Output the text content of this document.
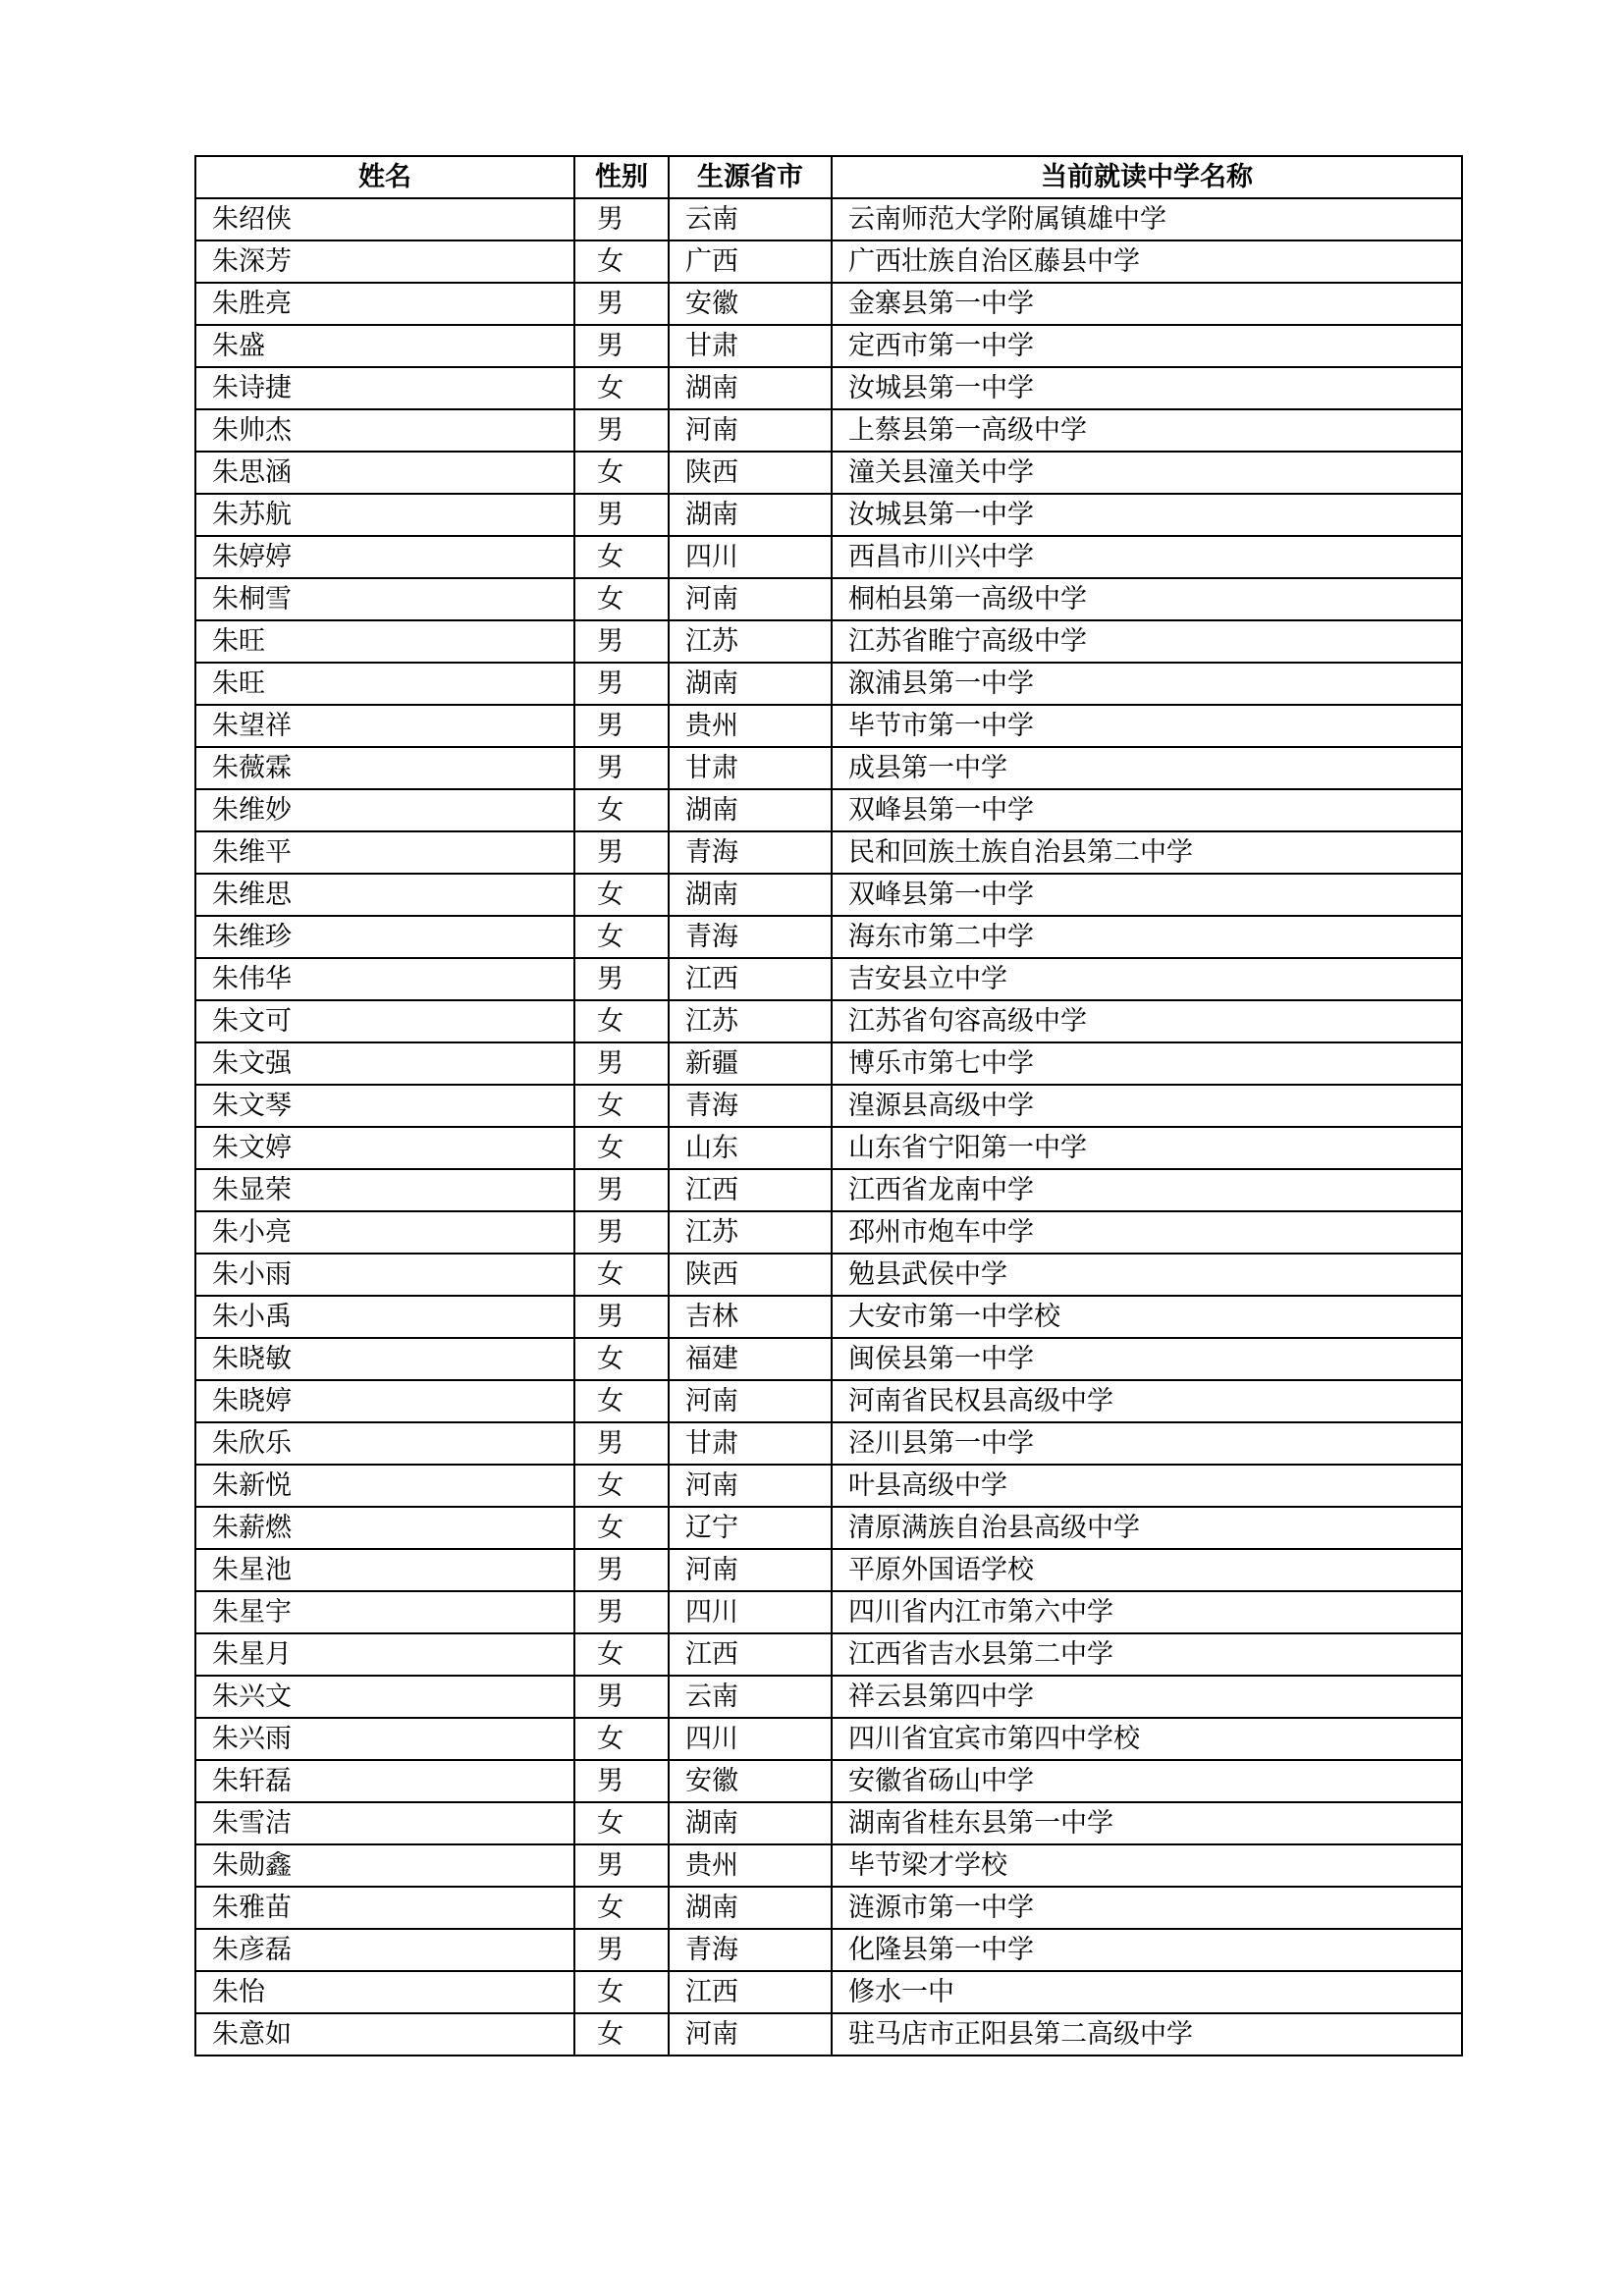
姓名	性别	生源省市	当前就读中学名称
朱绍侠	男	云南	云南师范大学附属镇雄中学
朱深芳	女	广西	广西壮族自治区藤县中学
朱胜亮	男	安徽	金寨县第一中学
朱盛	男	甘肃	定西市第一中学
朱诗捷	女	湖南	汝城县第一中学
朱帅杰	男	河南	上蔡县第一高级中学
朱思涵	女	陕西	潼关县潼关中学
朱苏航	男	湖南	汝城县第一中学
朱婷婷	女	四川	西昌市川兴中学
朱桐雪	女	河南	桐柏县第一高级中学
朱旺	男	江苏	江苏省睢宁高级中学
朱旺	男	湖南	溆浦县第一中学
朱望祥	男	贵州	毕节市第一中学
朱薇霖	男	甘肃	成县第一中学
朱维妙	女	湖南	双峰县第一中学
朱维平	男	青海	民和回族土族自治县第二中学
朱维思	女	湖南	双峰县第一中学
朱维珍	女	青海	海东市第二中学
朱伟华	男	江西	吉安县立中学
朱文可	女	江苏	江苏省句容高级中学
朱文强	男	新疆	博乐市第七中学
朱文琴	女	青海	湟源县高级中学
朱文婷	女	山东	山东省宁阳第一中学
朱显荣	男	江西	江西省龙南中学
朱小亮	男	江苏	邳州市炮车中学
朱小雨	女	陕西	勉县武侯中学
朱小禹	男	吉林	大安市第一中学校
朱晓敏	女	福建	闽侯县第一中学
朱晓婷	女	河南	河南省民权县高级中学
朱欣乐	男	甘肃	泾川县第一中学
朱新悦	女	河南	叶县高级中学
朱薪燃	女	辽宁	清原满族自治县高级中学
朱星池	男	河南	平原外国语学校
朱星宇	男	四川	四川省内江市第六中学
朱星月	女	江西	江西省吉水县第二中学
朱兴文	男	云南	祥云县第四中学
朱兴雨	女	四川	四川省宜宾市第四中学校
朱轩磊	男	安徽	安徽省砀山中学
朱雪洁	女	湖南	湖南省桂东县第一中学
朱勋鑫	男	贵州	毕节梁才学校
朱雅苗	女	湖南	涟源市第一中学
朱彦磊	男	青海	化隆县第一中学
朱怡	女	江西	修水一中
朱意如	女	河南	驻马店市正阳县第二高级中学
